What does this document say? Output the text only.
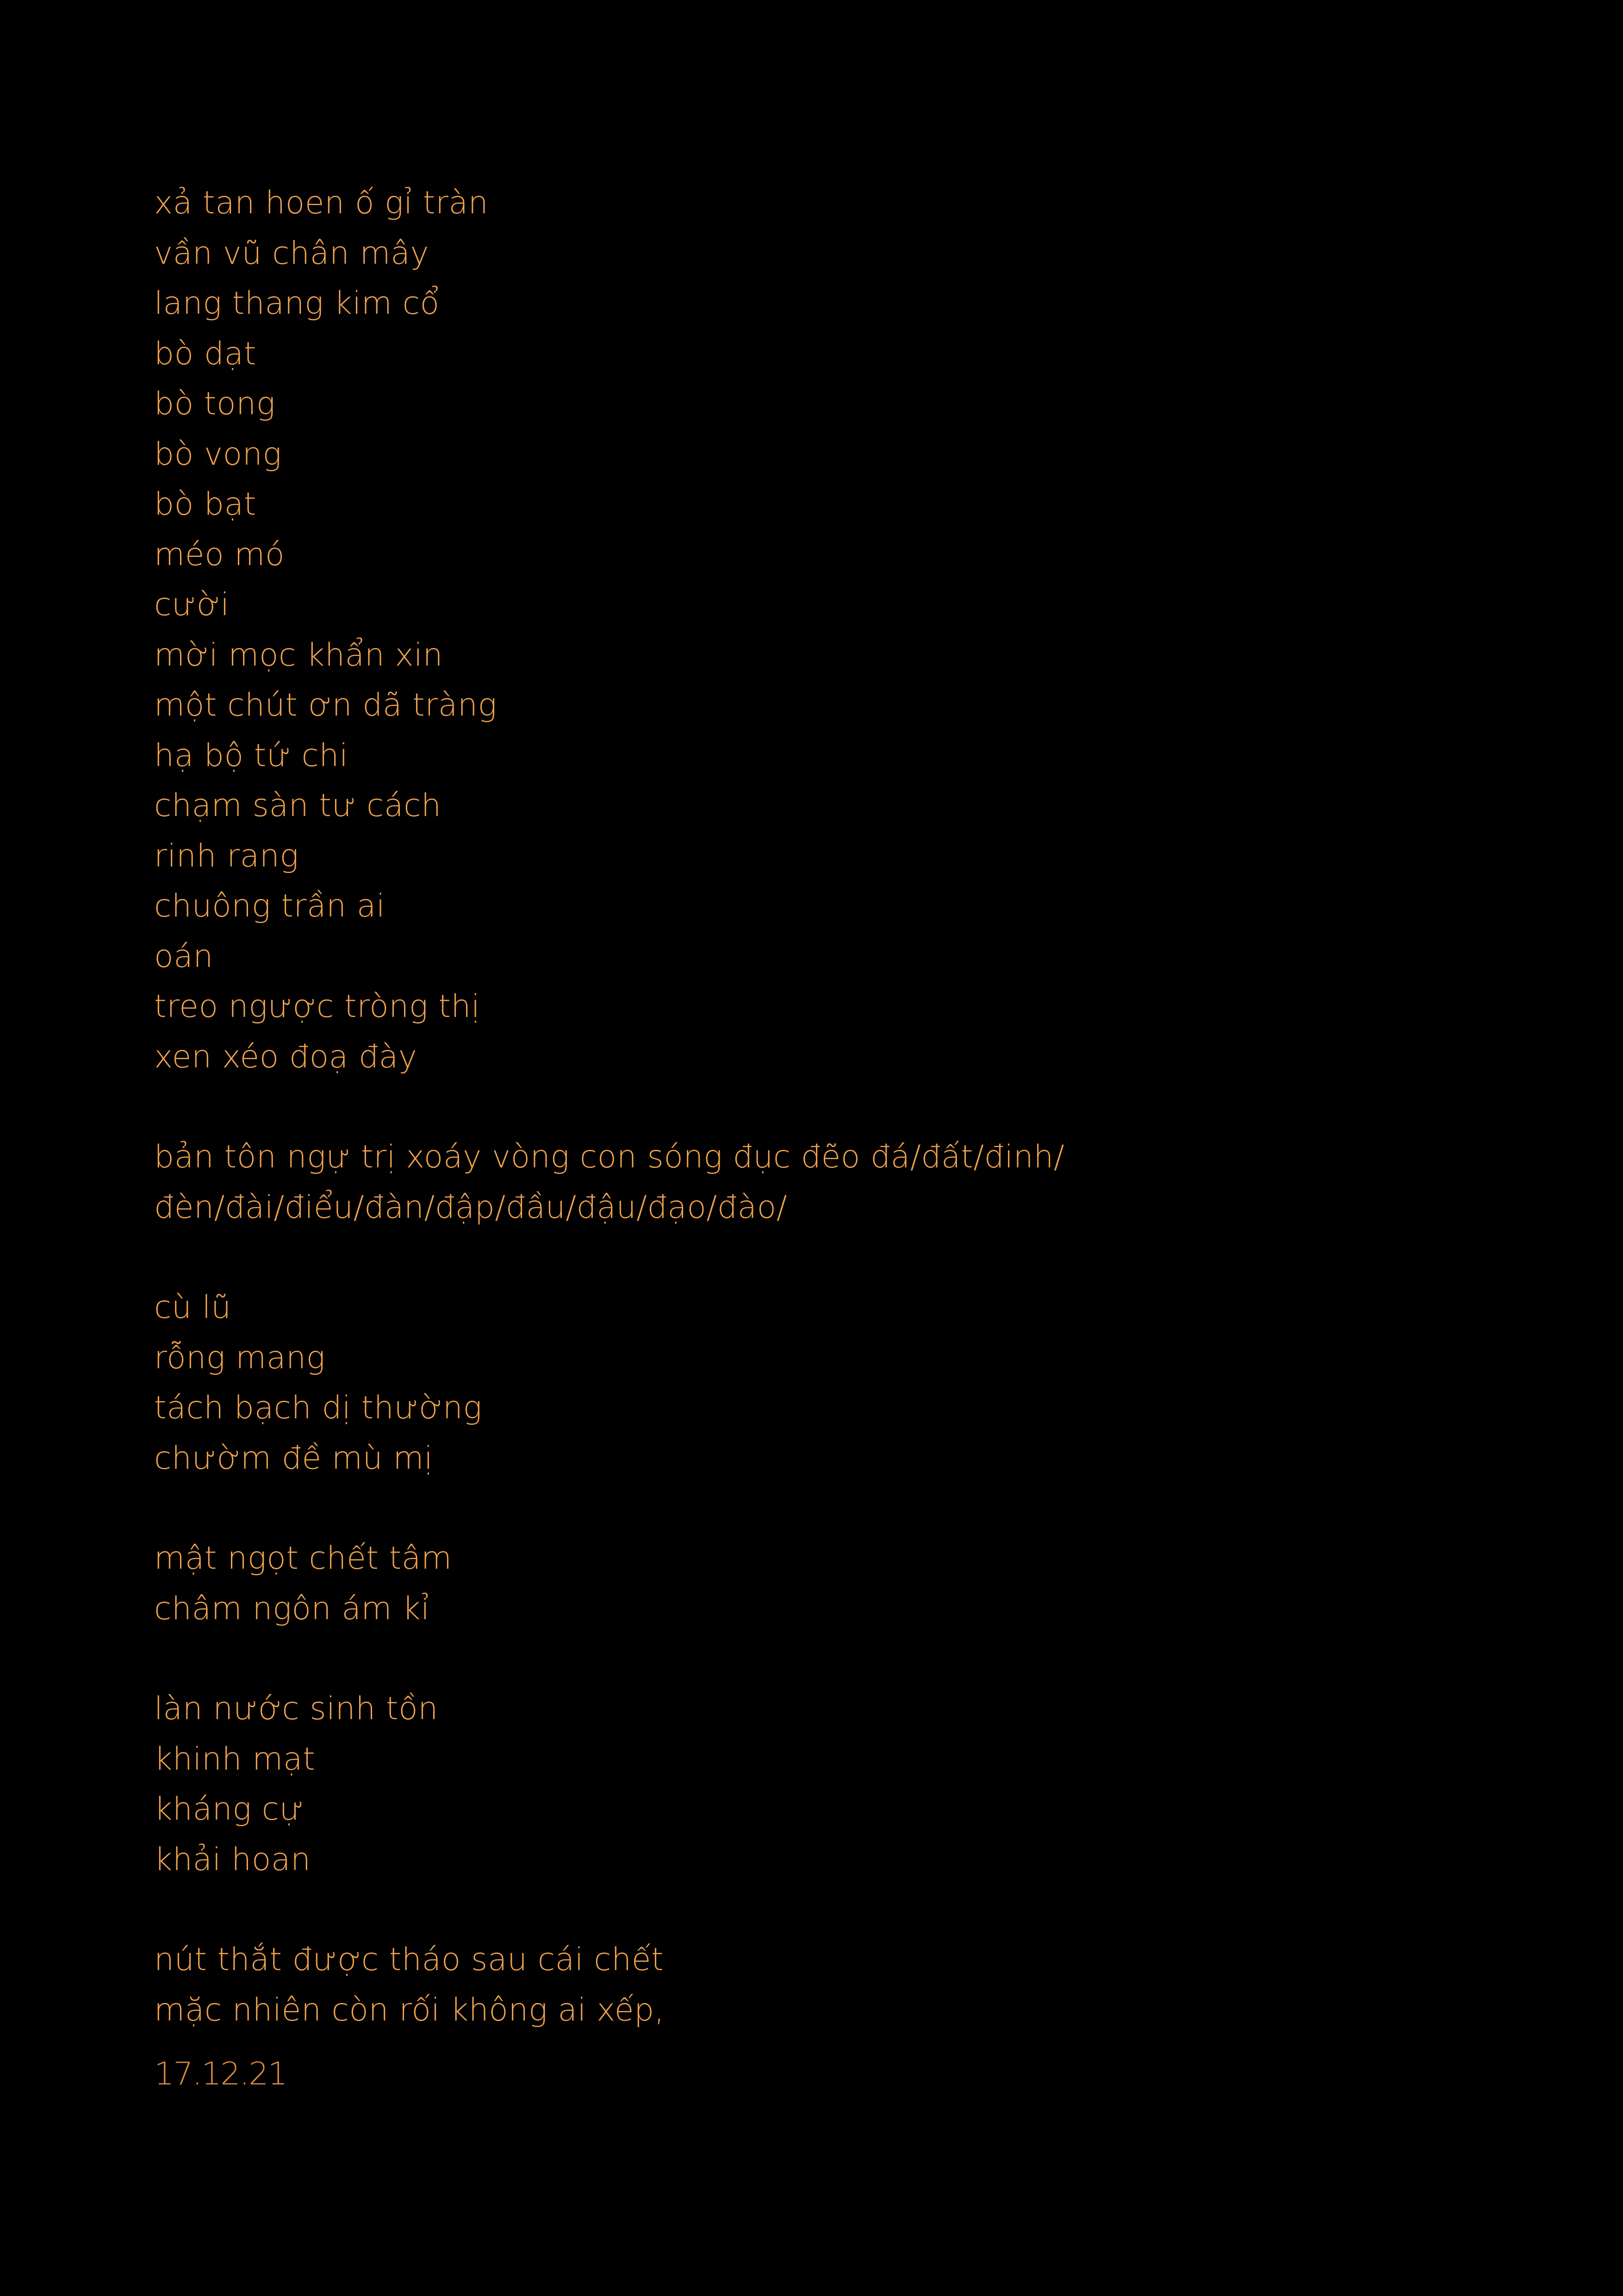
xả tan hoen ố gỉ tràn
vần vũ chân mây
lang thang kim cổ
bò dạt
bò tong
bò vong
bò bạt
méo mó
cười
mời mọc khẩn xin
một chút ơn dã tràng
hạ bộ tứ chi
chạm sàn tư cách
rinh rang
chuông trần ai
oán
treo ngược tròng thị
xen xéo đoạ đày
bản tôn ngự trị xoáy vòng con sóng đục đẽo đá/đất/đinh/
đèn/đài/điểu/đàn/đập/đầu/đậu/đạo/đào/
cù lũ
rỗng mang
tách bạch dị thường
chườm đề mù mị
mật ngọt chết tâm
châm ngôn ám kỉ
làn nước sinh tồn
khinh mạt
kháng cự
khải hoan
nút thắt được tháo sau cái chết
mặc nhiên còn rối không ai xếp,
17.12.21
